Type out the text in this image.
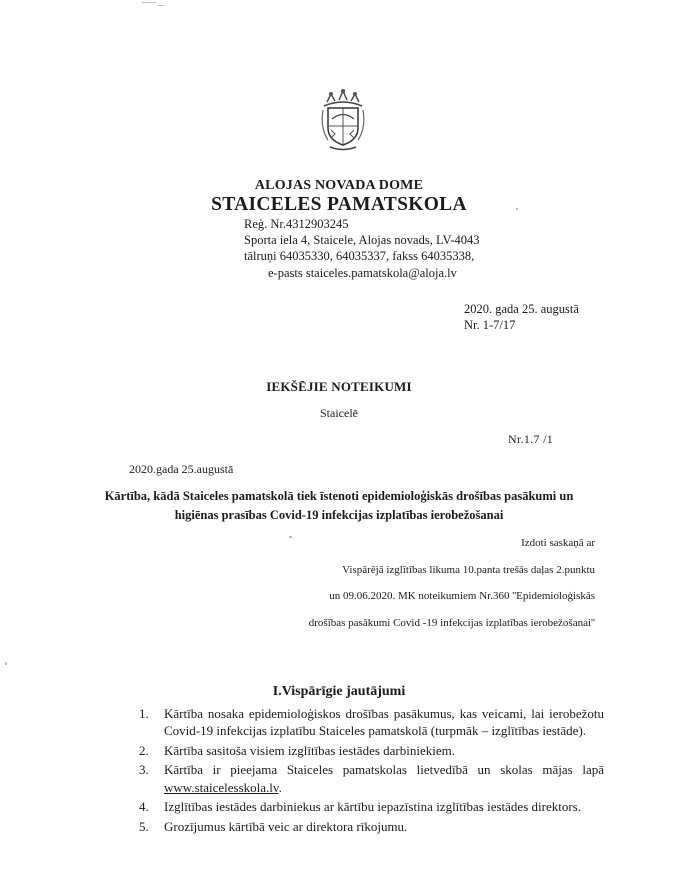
ALOJAS NOVADA DOME
STAICELES PAMATSKOLA
Reģ. Nr.4312903245
Sporta iela 4, Staicele, Alojas novads, LV-4043
tālruņi 64035330, 64035337, fakss 64035338,
e-pasts staiceles.pamatskola@aloja.lv
2020. gada 25. augustā
Nr. 1-7/17
IEKŠĒJIE NOTEIKUMI
Staicelē
Nr.1.7 /1
2020.gada 25.augustā
Kārtība, kādā Staiceles pamatskolā tiek īstenoti epidemioloģiskās drošības pasākumi un
higiēnas prasības Covid-19 infekcijas izplatības ierobežošanai
Izdoti saskaņā ar
Vispārējā izglītības likuma 10.panta trešās daļas 2.punktu
un 09.06.2020. MK noteikumiem Nr.360 ''Epidemioloģiskās
drošības pasākumi Covid -19 infekcijas izplatības ierobežošanai''
I.Vispārīgie jautājumi
1. Kārtība nosaka epidemioloģiskos drošības pasākumus, kas veicami, lai ierobežotu Covid-19 infekcijas izplatību Staiceles pamatskolā (turpmāk – izglītības iestāde).
2. Kārtība sasitoša visiem izglītības iestādes darbiniekiem.
3. Kārtība ir pieejama Staiceles pamatskolas lietvedībā un skolas mājas lapā www.staicelesskola.lv.
4. Izglītības iestādes darbiniekus ar kārtību iepazīstina izglītības iestādes direktors.
5. Grozījumus kārtībā veic ar direktora rīkojumu.
